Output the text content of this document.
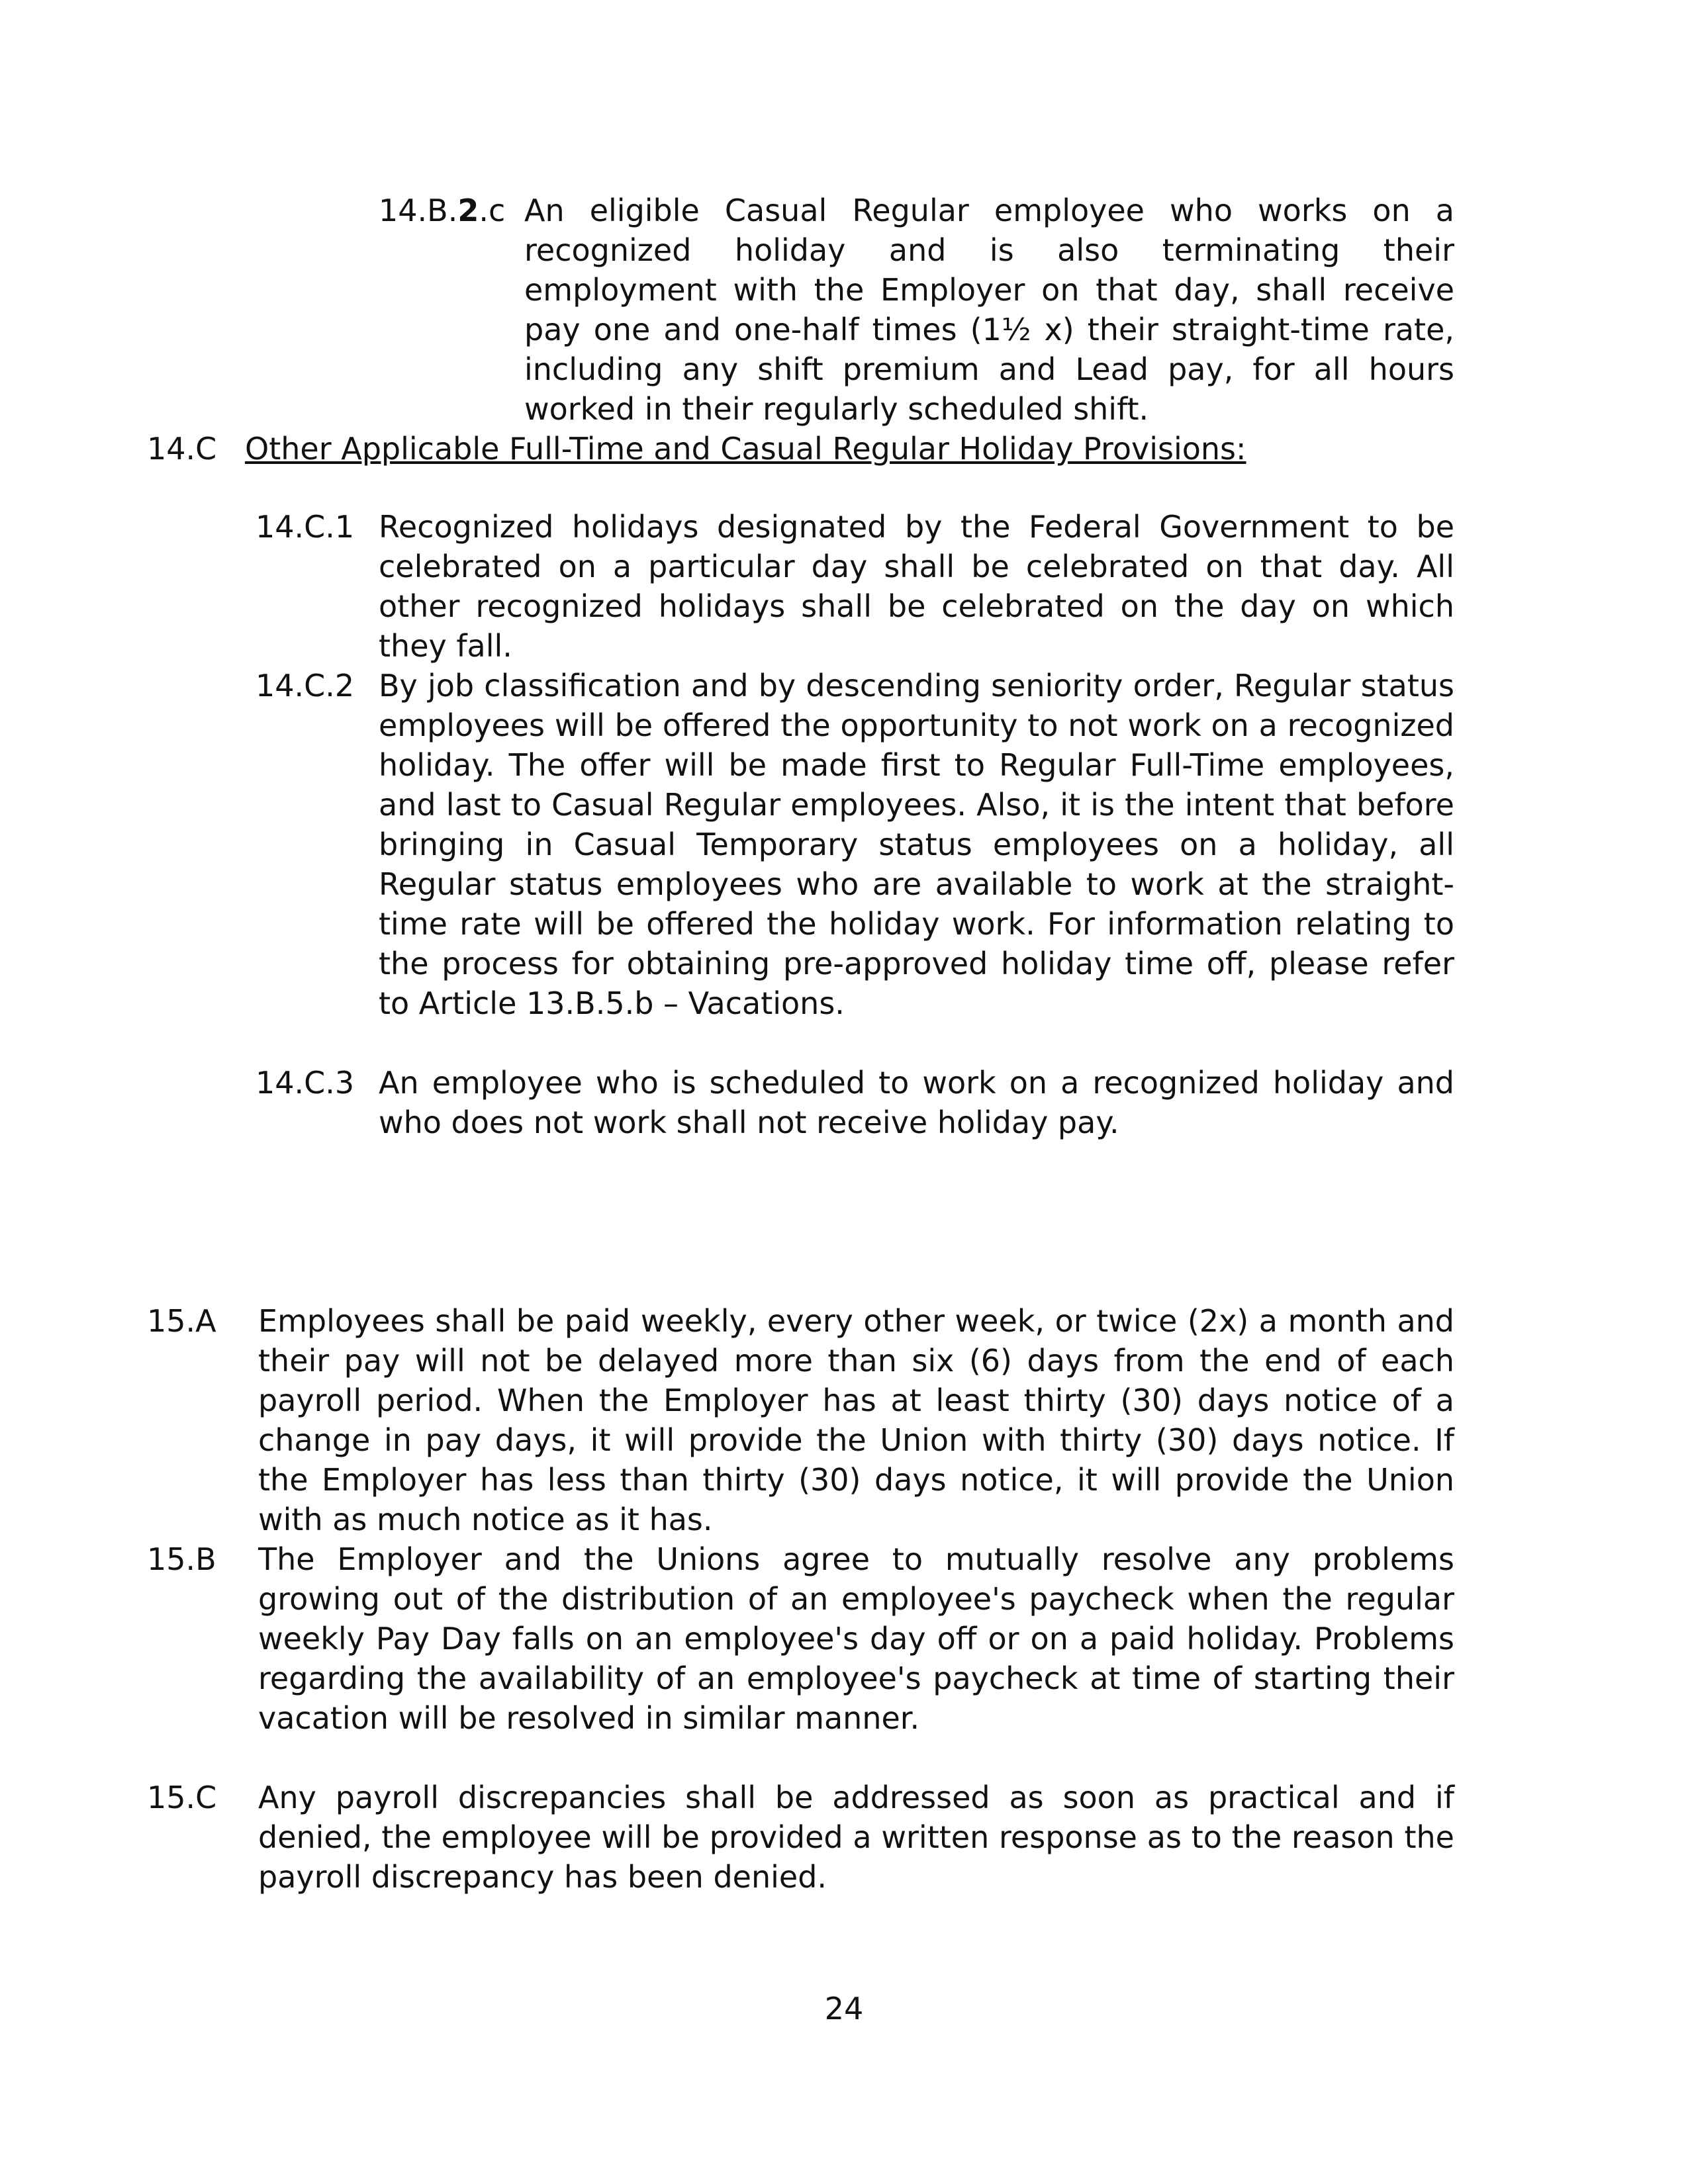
14.B.2.c An eligible Casual Regular employee who works on a recognized holiday and is also terminating their employment with the Employer on that day, shall receive pay one and one-half times (1½ x) their straight-time rate, including any shift premium and Lead pay, for all hours worked in their regularly scheduled shift.
14.C Other Applicable Full-Time and Casual Regular Holiday Provisions:
14.C.1 Recognized holidays designated by the Federal Government to be celebrated on a particular day shall be celebrated on that day. All other recognized holidays shall be celebrated on the day on which they fall.
14.C.2 By job classification and by descending seniority order, Regular status employees will be offered the opportunity to not work on a recognized holiday. The offer will be made first to Regular Full-Time employees, and last to Casual Regular employees. Also, it is the intent that before bringing in Casual Temporary status employees on a holiday, all Regular status employees who are available to work at the straight-time rate will be offered the holiday work. For information relating to the process for obtaining pre-approved holiday time off, please refer to Article 13.B.5.b – Vacations.
14.C.3 An employee who is scheduled to work on a recognized holiday and who does not work shall not receive holiday pay.
15.A Employees shall be paid weekly, every other week, or twice (2x) a month and their pay will not be delayed more than six (6) days from the end of each payroll period. When the Employer has at least thirty (30) days notice of a change in pay days, it will provide the Union with thirty (30) days notice. If the Employer has less than thirty (30) days notice, it will provide the Union with as much notice as it has.
15.B The Employer and the Unions agree to mutually resolve any problems growing out of the distribution of an employee's paycheck when the regular weekly Pay Day falls on an employee's day off or on a paid holiday. Problems regarding the availability of an employee's paycheck at time of starting their vacation will be resolved in similar manner.
15.C Any payroll discrepancies shall be addressed as soon as practical and if denied, the employee will be provided a written response as to the reason the payroll discrepancy has been denied.
24
